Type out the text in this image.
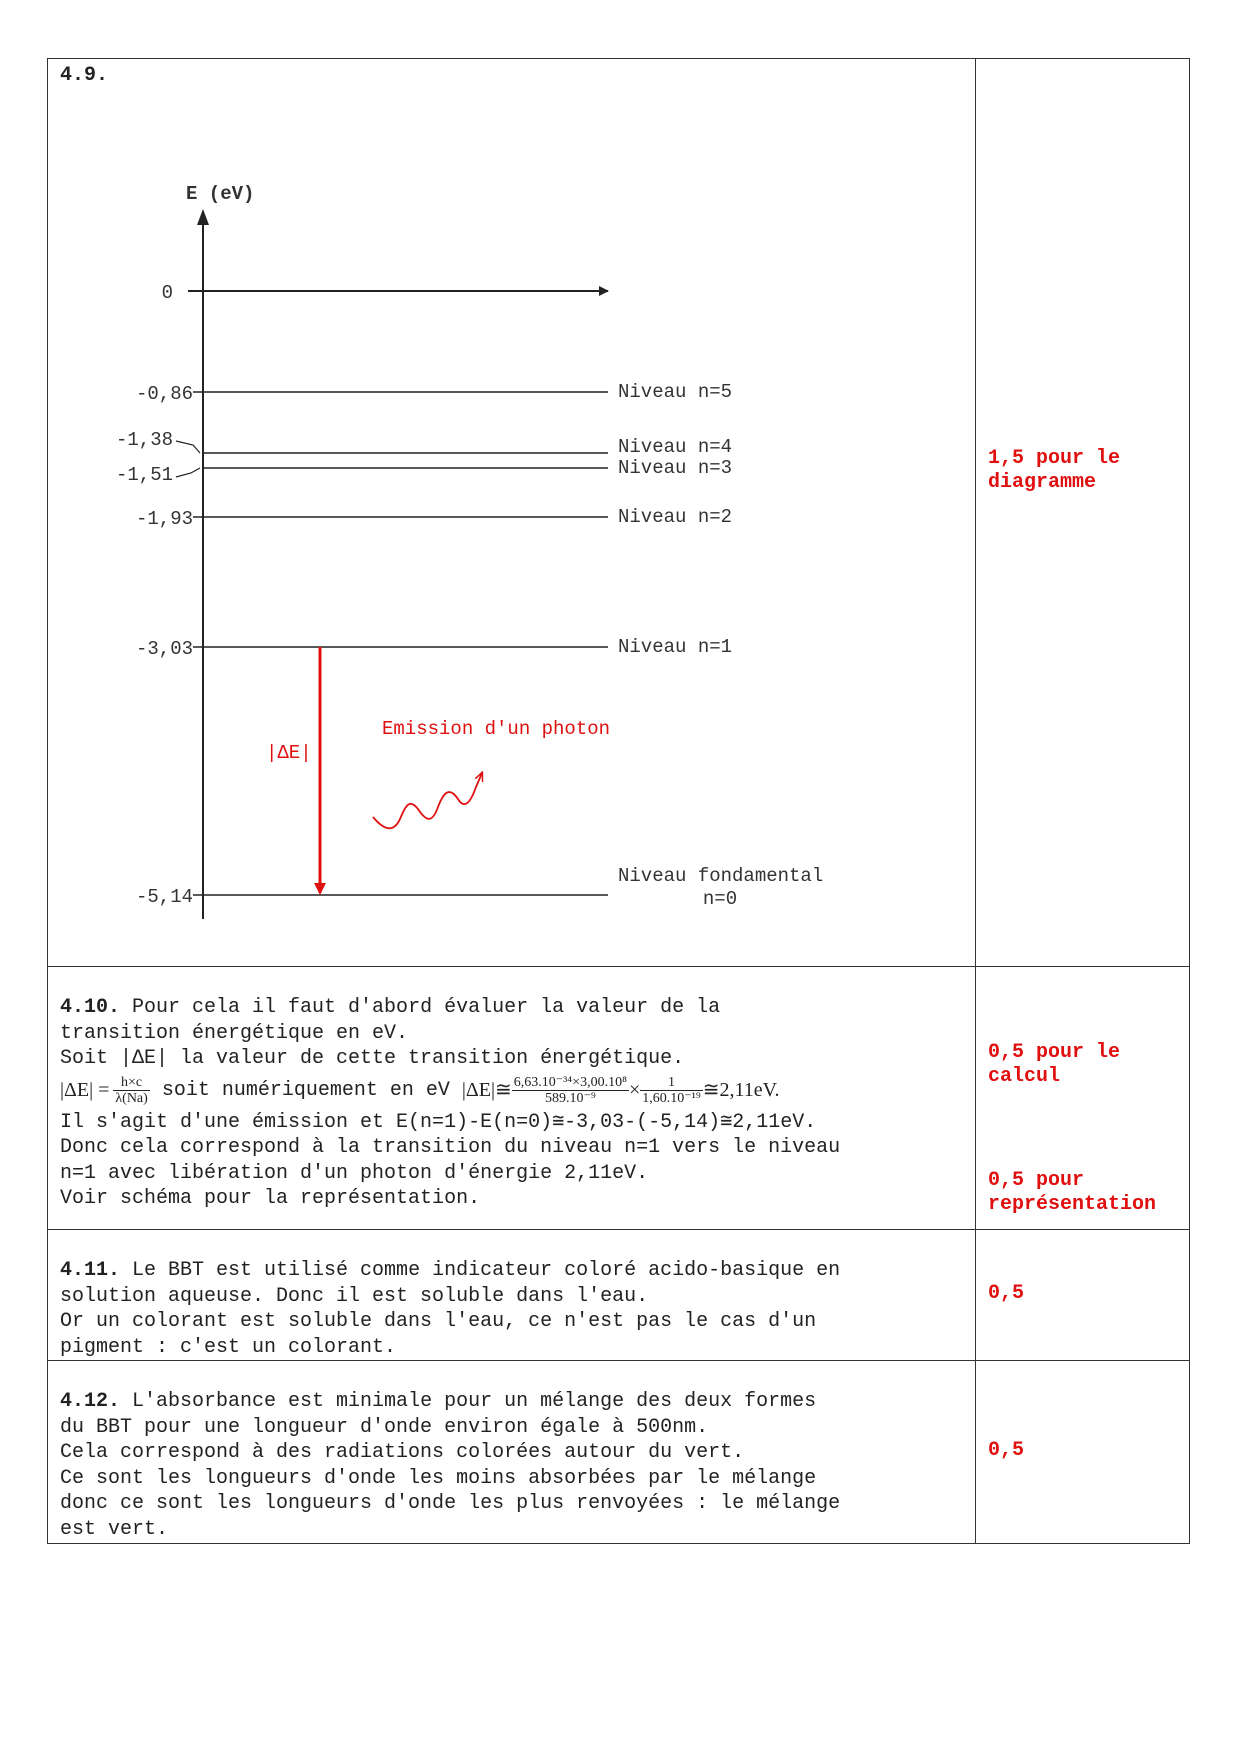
4.9.
E (eV)
0
-0,86	Niveau n=5
-1,38	Niveau n=4
-1,51	Niveau n=3
-1,93	Niveau n=2
-3,03	Niveau n=1
-5,14
Niveau fondamental
n=0
|ΔE|
Emission d'un photon
1,5 pour le
diagramme
4.10. Pour cela il faut d'abord évaluer la valeur de la
transition énergétique en eV.
Soit |ΔE| la valeur de cette transition énergétique.
$|\Delta E| = \frac{h\times c}{\lambda(Na)}$ soit numériquement en eV |ΔE|≅ $\frac{\text{6,63.10⁻³⁴×3,00.10⁸}}{\text{589.10⁻⁹}} \times \frac{1}{\text{1,60.10⁻¹⁹}}$ ≅2,11eV.
Il s'agit d'une émission et E(n=1)-E(n=0)≅-3,03-(-5,14)≅2,11eV.
Donc cela correspond à la transition du niveau n=1 vers le niveau
n=1 avec libération d'un photon d'énergie 2,11eV.
Voir schéma pour la représentation.
0,5 pour le
calcul
0,5 pour
représentation
4.11. Le BBT est utilisé comme indicateur coloré acido-basique en
solution aqueuse. Donc il est soluble dans l'eau.
Or un colorant est soluble dans l'eau, ce n'est pas le cas d'un
pigment : c'est un colorant.
0,5
4.12. L'absorbance est minimale pour un mélange des deux formes
du BBT pour une longueur d'onde environ égale à 500nm.
Cela correspond à des radiations colorées autour du vert.
Ce sont les longueurs d'onde les moins absorbées par le mélange
donc ce sont les longueurs d'onde les plus renvoyées : le mélange
est vert.
0,5
